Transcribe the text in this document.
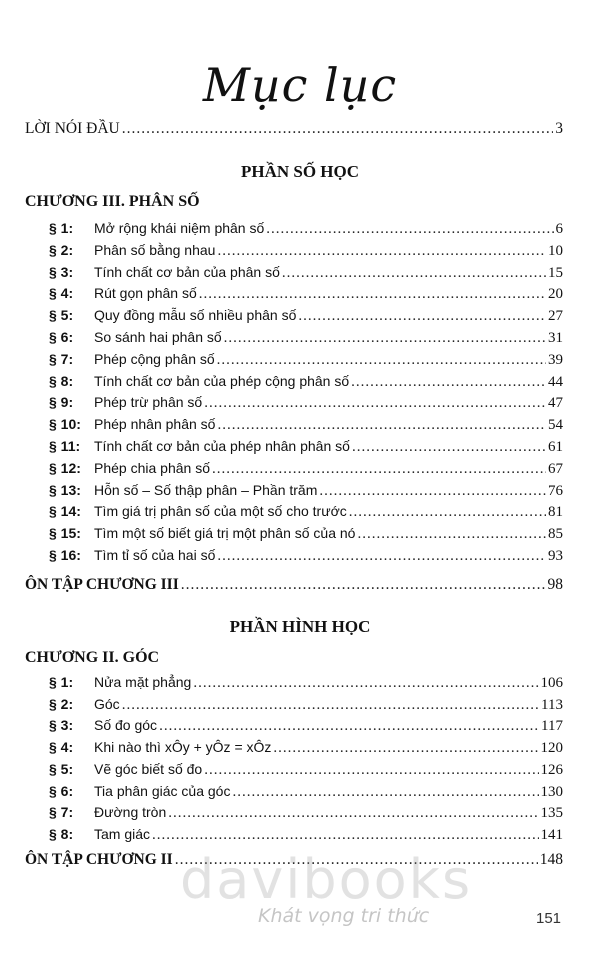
Mục lục
LỜI NÓI ĐẦU .....	3
PHẦN SỐ HỌC
CHƯƠNG III. PHÂN SỐ
§ 1:	Mở rộng khái niệm phân số .....	6
§ 2:	Phân số bằng nhau .....	10
§ 3:	Tính chất cơ bản của phân số .....	15
§ 4:	Rút gọn phân số .....	20
§ 5:	Quy đồng mẫu số nhiều phân số .....	27
§ 6:	So sánh hai phân số .....	31
§ 7:	Phép cộng phân số .....	39
§ 8:	Tính chất cơ bản của phép cộng phân số .....	44
§ 9:	Phép trừ phân số .....	47
§ 10: Phép nhân phân số .....	54
§ 11: Tính chất cơ bản của phép nhân phân số .....	61
§ 12: Phép chia phân số .....	67
§ 13: Hỗn số – Số thập phân – Phần trăm .....	76
§ 14: Tìm giá trị phân số của một số cho trước .....	81
§ 15: Tìm một số biết giá trị một phân số của nó .....	85
§ 16: Tìm tỉ số của hai số .....	93
ÔN TẬP CHƯƠNG III .....	98
PHẦN HÌNH HỌC
CHƯƠNG II. GÓC
§ 1:	Nửa mặt phẳng .....	106
§ 2:	Góc .....	113
§ 3:	Số đo góc .....	117
§ 4:	Khi nào thì xÔy + yÔz = xÔz .....	120
§ 5:	Vẽ góc biết số đo .....	126
§ 6:	Tia phân giác của góc .....	130
§ 7:	Đường tròn .....	135
§ 8:	Tam giác .....	141
ÔN TẬP CHƯƠNG II .....	148
davibooks
Khát vọng tri thức	151
